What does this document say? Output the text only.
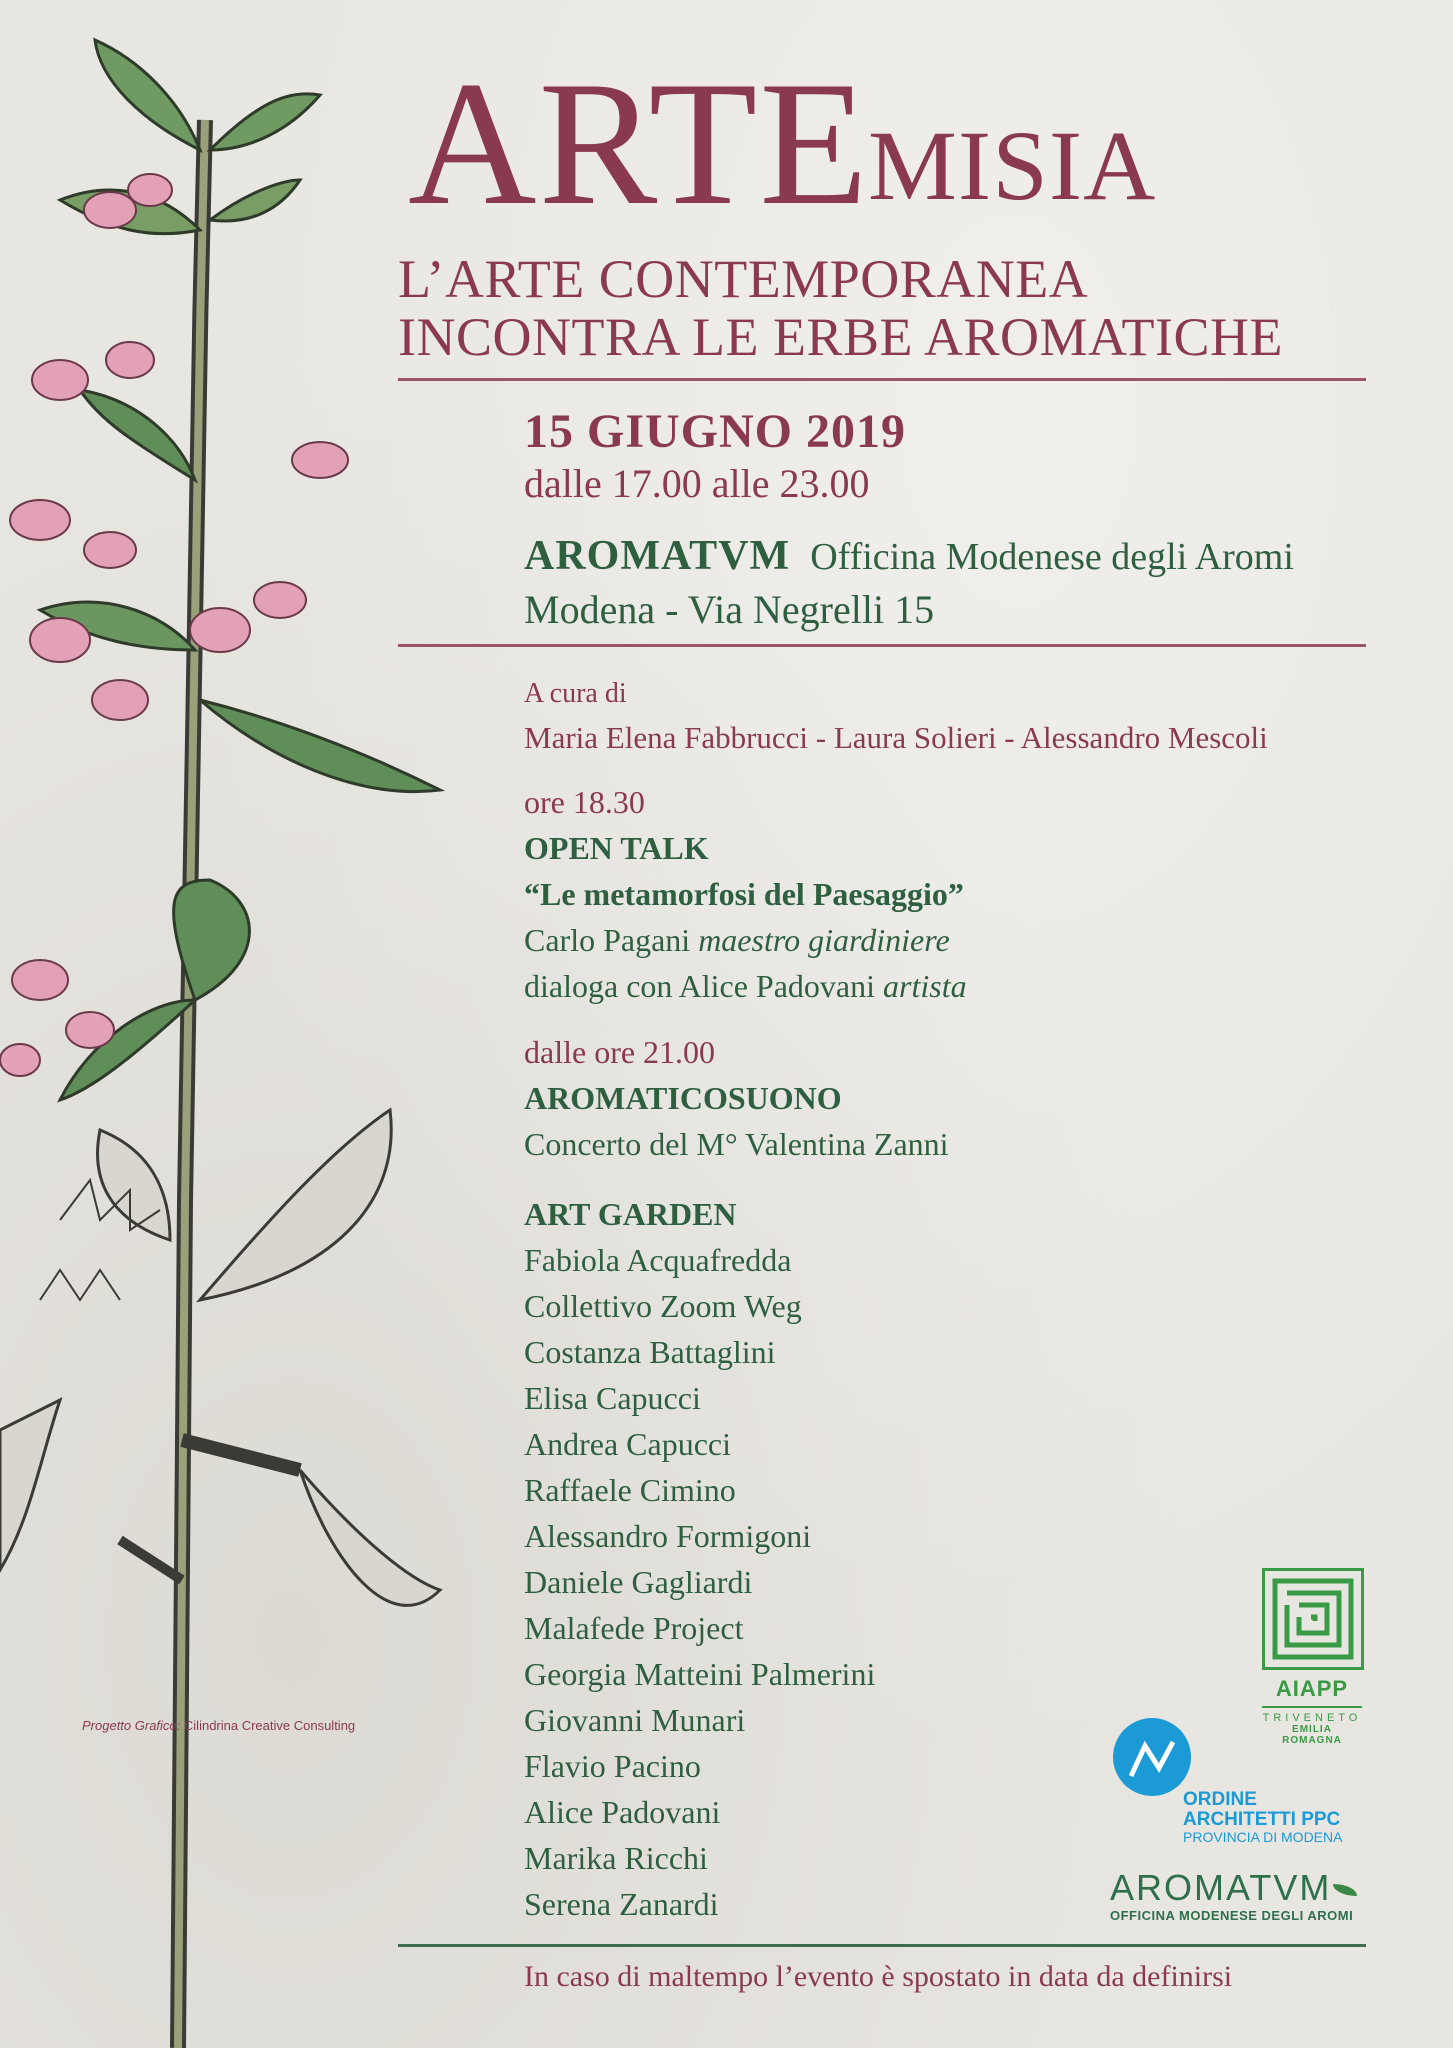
ARTE
MISIA
L’ARTE CONTEMPORANEA
INCONTRA LE ERBE AROMATICHE
15 GIUGNO 2019
dalle 17.00 alle 23.00
AROMATVM Officina Modenese degli Aromi
Modena - Via Negrelli 15
A cura di
Maria Elena Fabbrucci - Laura Solieri - Alessandro Mescoli
ore 18.30
OPEN TALK
“Le metamorfosi del Paesaggio”
Carlo Pagani maestro giardiniere
dialoga con Alice Padovani artista
dalle ore 21.00
AROMATICOSUONO
Concerto del M° Valentina Zanni
ART GARDEN
Fabiola Acquafredda
Collettivo Zoom Weg
Costanza Battaglini
Elisa Capucci
Andrea Capucci
Raffaele Cimino
Alessandro Formigoni
Daniele Gagliardi
Malafede Project
Georgia Matteini Palmerini
Giovanni Munari
Flavio Pacino
Alice Padovani
Marika Ricchi
Serena Zanardi
In caso di maltempo l’evento è spostato in data da definirsi
Progetto Grafico: Cilindrina Creative Consulting
AIAPP
TRIVENETO
EMILIA ROMAGNA
ORDINE
ARCHITETTI PPC
PROVINCIA DI MODENA
AROMATVM
OFFICINA MODENESE DEGLI AROMI
